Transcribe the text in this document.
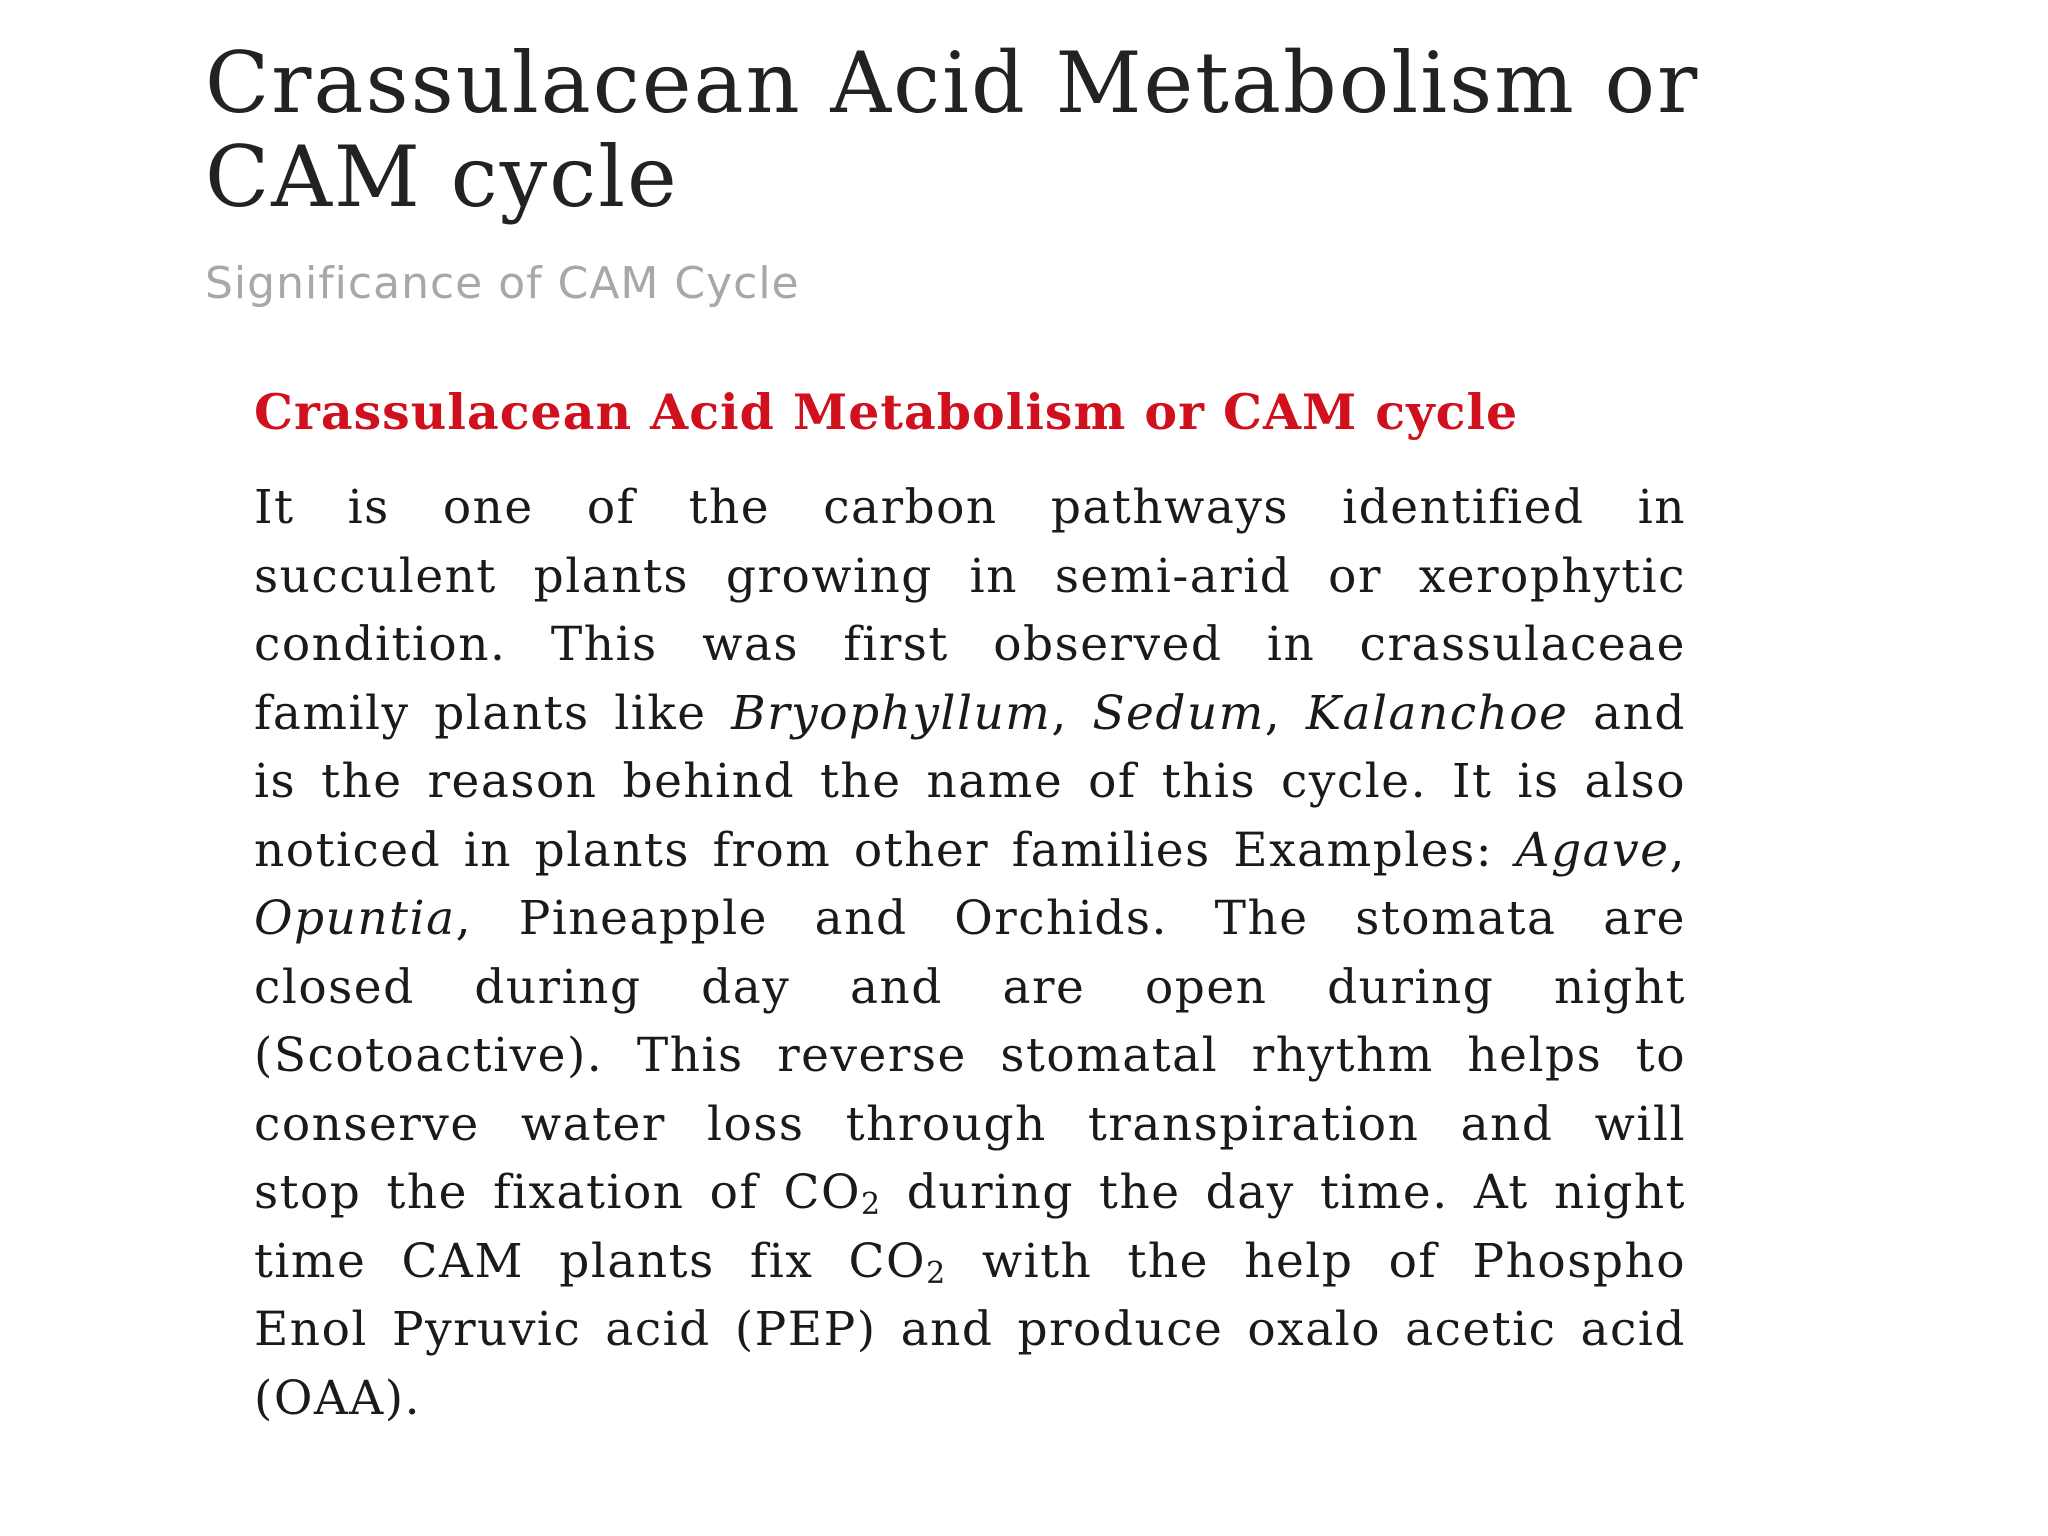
Crassulacean Acid Metabolism or CAM cycle

Significance of CAM Cycle

Crassulacean Acid Metabolism or CAM cycle

It is one of the carbon pathways identified in succulent plants growing in semi-arid or xerophytic condition. This was first observed in crassulaceae family plants like Bryophyllum, Sedum, Kalanchoe and is the reason behind the name of this cycle. It is also noticed in plants from other families Examples: Agave, Opuntia, Pineapple and Orchids. The stomata are closed during day and are open during night (Scotoactive). This reverse stomatal rhythm helps to conserve water loss through transpiration and will stop the fixation of $CO_2$ during the day time. At night time CAM plants fix $CO_2$ with the help of Phospho Enol Pyruvic acid (PEP) and produce oxalo acetic acid (OAA).
